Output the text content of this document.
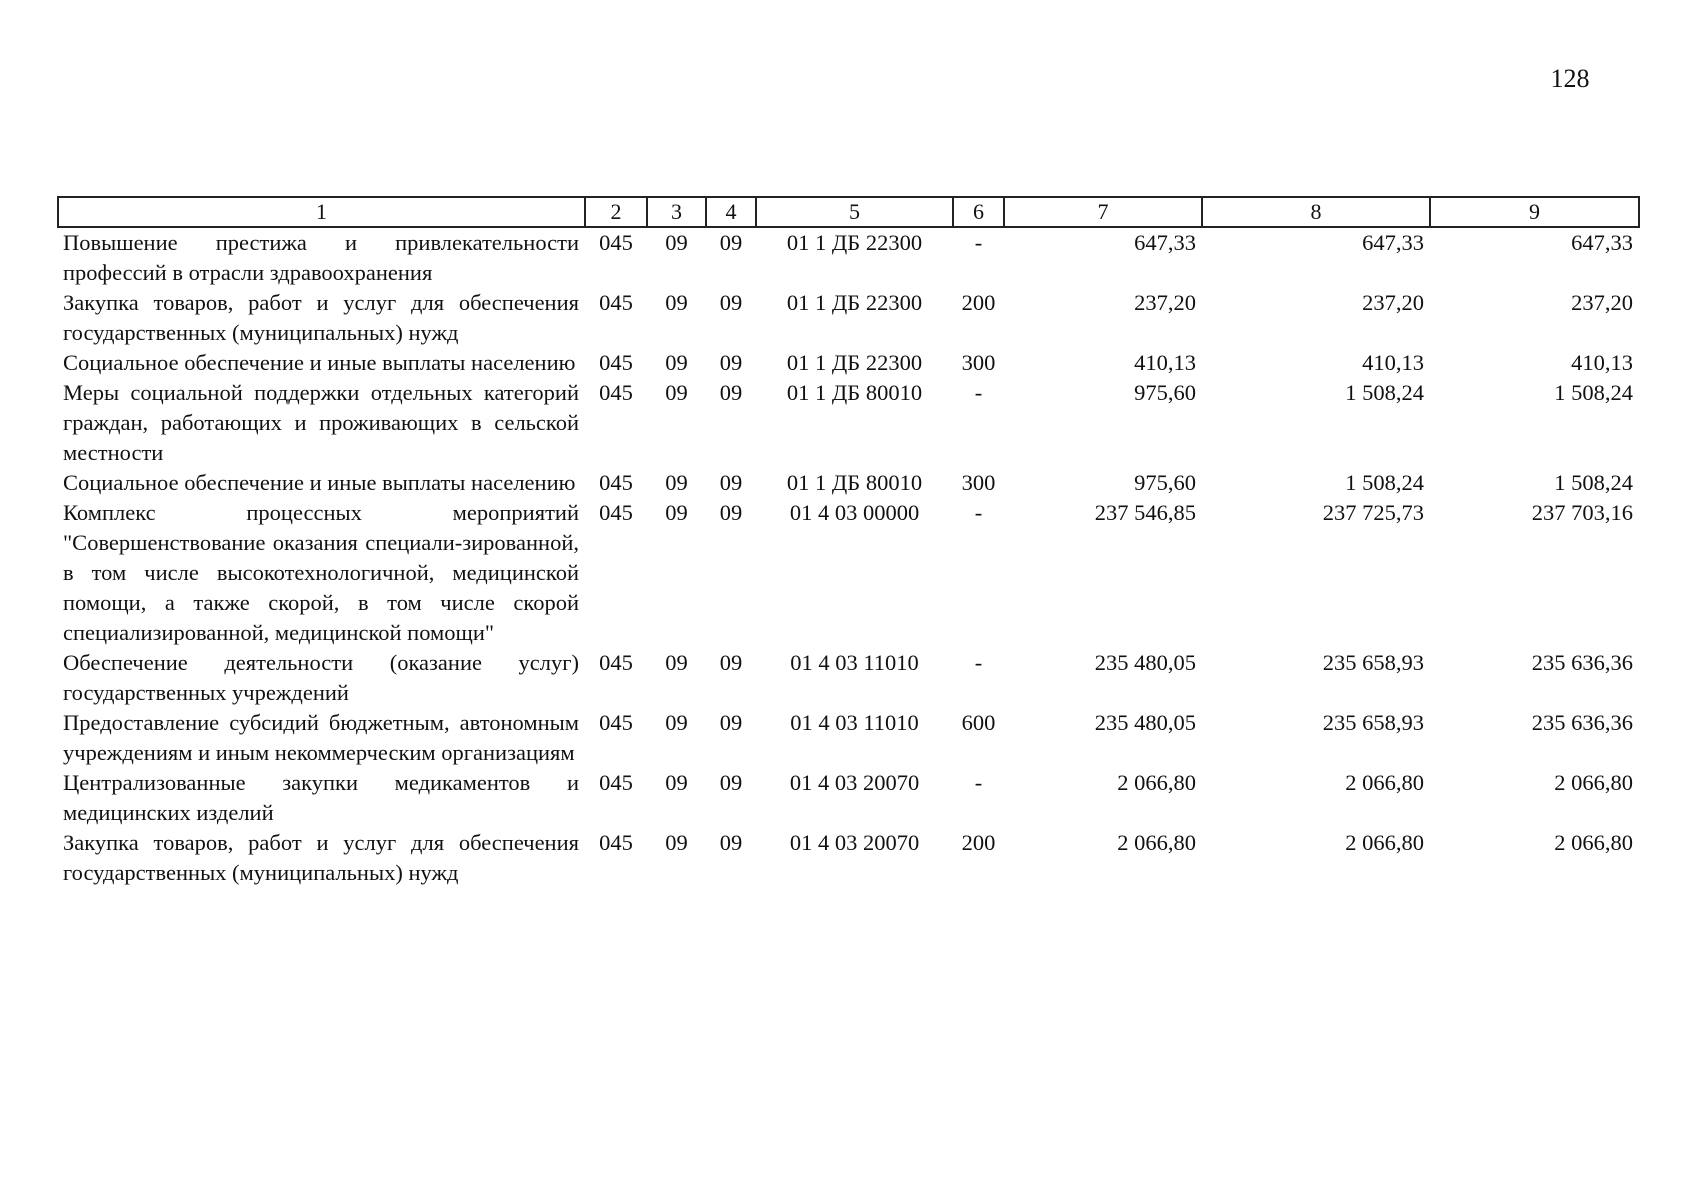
128
1	2	3	4	5	6	7	8	9
Повышение престижа и привлекательности профессий в отрасли здравоохранения	045	09	09	01 1 ДБ 22300	-	647,33	647,33	647,33
Закупка товаров, работ и услуг для обеспечения государственных (муниципальных) нужд	045	09	09	01 1 ДБ 22300	200	237,20	237,20	237,20
Социальное обеспечение и иные выплаты населению	045	09	09	01 1 ДБ 22300	300	410,13	410,13	410,13
Меры социальной поддержки отдельных категорий граждан, работающих и проживающих в сельской местности	045	09	09	01 1 ДБ 80010	-	975,60	1 508,24	1 508,24
Социальное обеспечение и иные выплаты населению	045	09	09	01 1 ДБ 80010	300	975,60	1 508,24	1 508,24
Комплекс процессных мероприятий "Совершенствование оказания специали-зированной, в том числе высокотехнологичной, медицинской помощи, а также скорой, в том числе скорой специализированной, медицинской помощи"	045	09	09	01 4 03 00000	-	237 546,85	237 725,73	237 703,16
Обеспечение деятельности (оказание услуг) государственных учреждений	045	09	09	01 4 03 11010	-	235 480,05	235 658,93	235 636,36
Предоставление субсидий бюджетным, автономным учреждениям и иным некоммерческим организациям	045	09	09	01 4 03 11010	600	235 480,05	235 658,93	235 636,36
Централизованные закупки медикаментов и медицинских изделий	045	09	09	01 4 03 20070	-	2 066,80	2 066,80	2 066,80
Закупка товаров, работ и услуг для обеспечения государственных (муниципальных) нужд	045	09	09	01 4 03 20070	200	2 066,80	2 066,80	2 066,80
